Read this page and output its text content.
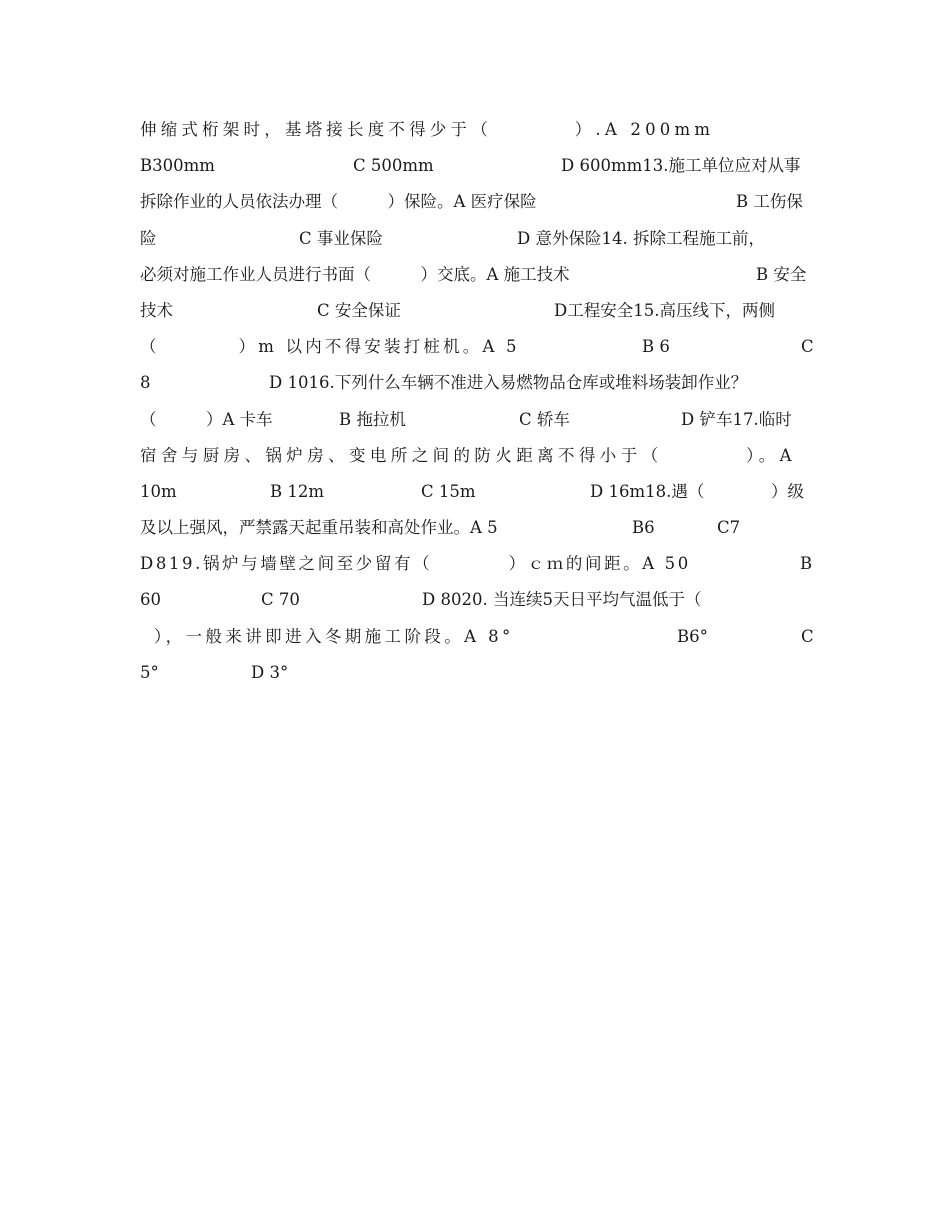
伸缩式桁架时，基塔接长度不得少于（　　　　）.A 200mm
B300mm	C 500mm	D 600mm13.施工单位应对从事
拆除作业的人员依法办理（　　　）保险。A 医疗保险	B 工伤保
险	C 事业保险	D 意外保险14. 拆除工程施工前，
必须对施工作业人员进行书面（　　　）交底。A 施工技术	B 安全
技术	C 安全保证	D工程安全15.高压线下，两侧
（　　　　）m 以内不得安装打桩机。A 5	B 6	C
8	D 1016.下列什么车辆不准进入易燃物品仓库或堆料场装卸作业？
（　　　）A 卡车	B 拖拉机	C 轿车	D 铲车17.临时
宿舍与厨房、锅炉房、变电所之间的防火距离不得小于（　　　　）。A
10m	B 12m	C 15m	D 16m18.遇（	）级
及以上强风，严禁露天起重吊装和高处作业。A 5	B6	C7
D819.锅炉与墙壁之间至少留有（　　　　）ｃｍ的间距。A 50	B
60	C 70	D 8020. 当连续5天日平均气温低于（
），一般来讲即进入冬期施工阶段。A 8°	B6°	C
5°	D 3°
